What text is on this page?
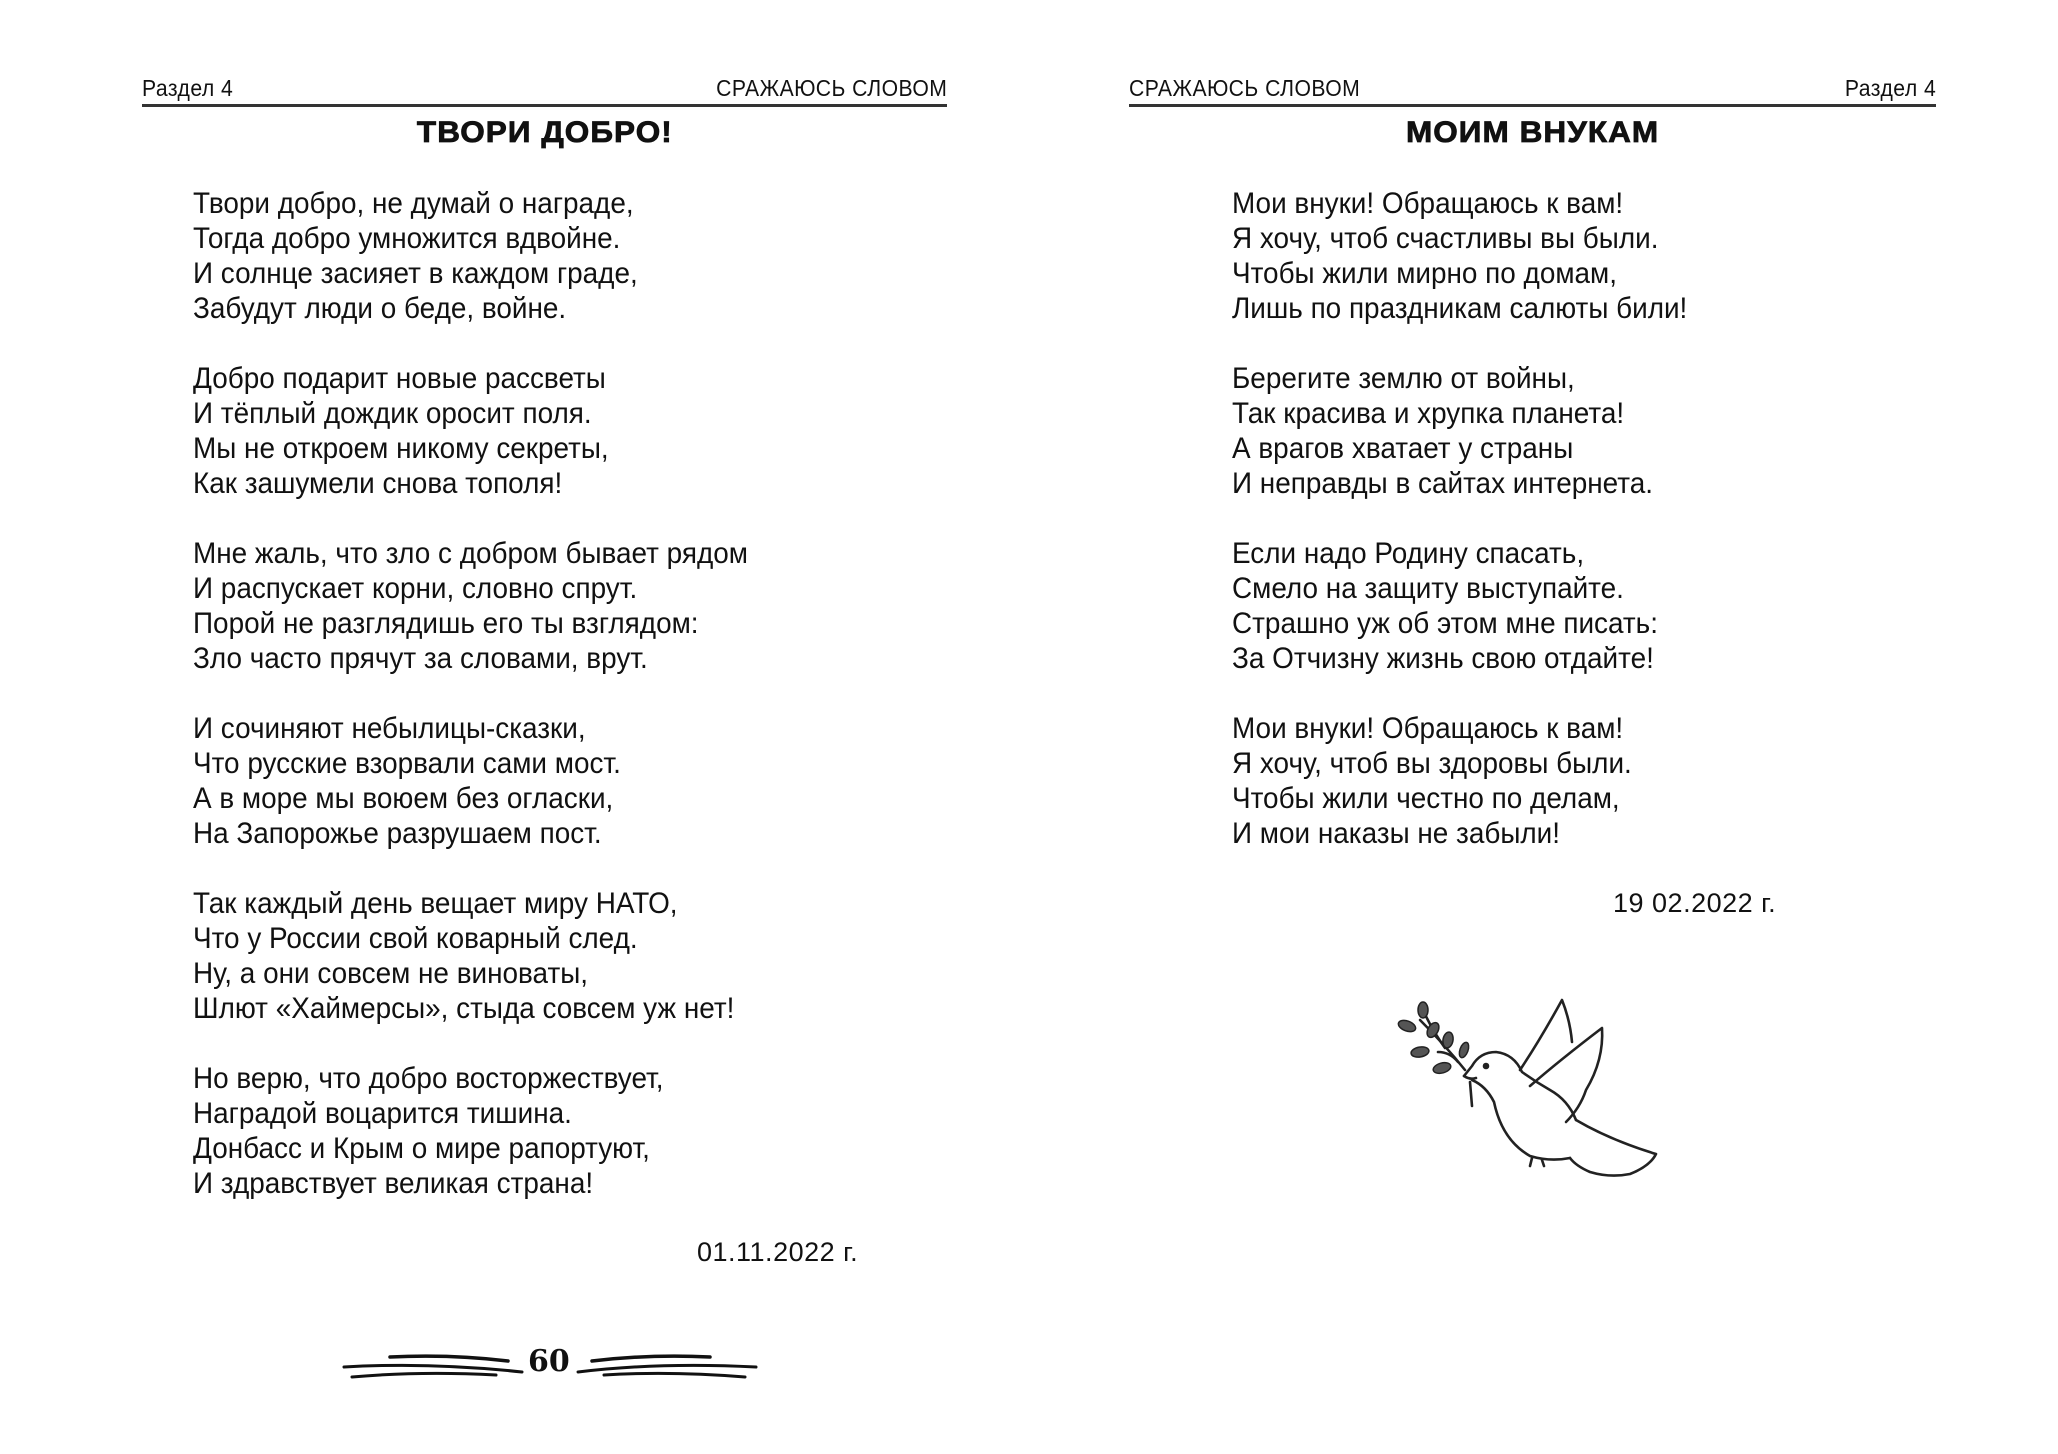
Раздел 4	СРАЖАЮСЬ СЛОВОМ
ТВОРИ ДОБРО!
Твори добро, не думай о награде,
Тогда добро умножится вдвойне.
И солнце засияет в каждом граде,
Забудут люди о беде, войне.
Добро подарит новые рассветы
И тёплый дождик оросит поля.
Мы не откроем никому секреты,
Как зашумели снова тополя!
Мне жаль, что зло с добром бывает рядом
И распускает корни, словно спрут.
Порой не разглядишь его ты взглядом:
Зло часто прячут за словами, врут.
И сочиняют небылицы-сказки,
Что русские взорвали сами мост.
А в море мы воюем без огласки,
На Запорожье разрушаем пост.
Так каждый день вещает миру НАТО,
Что у России свой коварный след.
Ну, а они совсем не виноваты,
Шлют «Хаймерсы», стыда совсем уж нет!
Но верю, что добро восторжествует,
Наградой воцарится тишина.
Донбасс и Крым о мире рапортуют,
И здравствует великая страна!
01.11.2022 г.
60
СРАЖАЮСЬ СЛОВОМ	Раздел 4
МОИМ ВНУКАМ
Мои внуки! Обращаюсь к вам!
Я хочу, чтоб счастливы вы были.
Чтобы жили мирно по домам,
Лишь по праздникам салюты били!
Берегите землю от войны,
Так красива и хрупка планета!
А врагов хватает у страны
И неправды в сайтах интернета.
Если надо Родину спасать,
Смело на защиту выступайте.
Страшно уж об этом мне писать:
За Отчизну жизнь свою отдайте!
Мои внуки! Обращаюсь к вам!
Я хочу, чтоб вы здоровы были.
Чтобы жили честно по делам,
И мои наказы не забыли!
19 02.2022 г.
